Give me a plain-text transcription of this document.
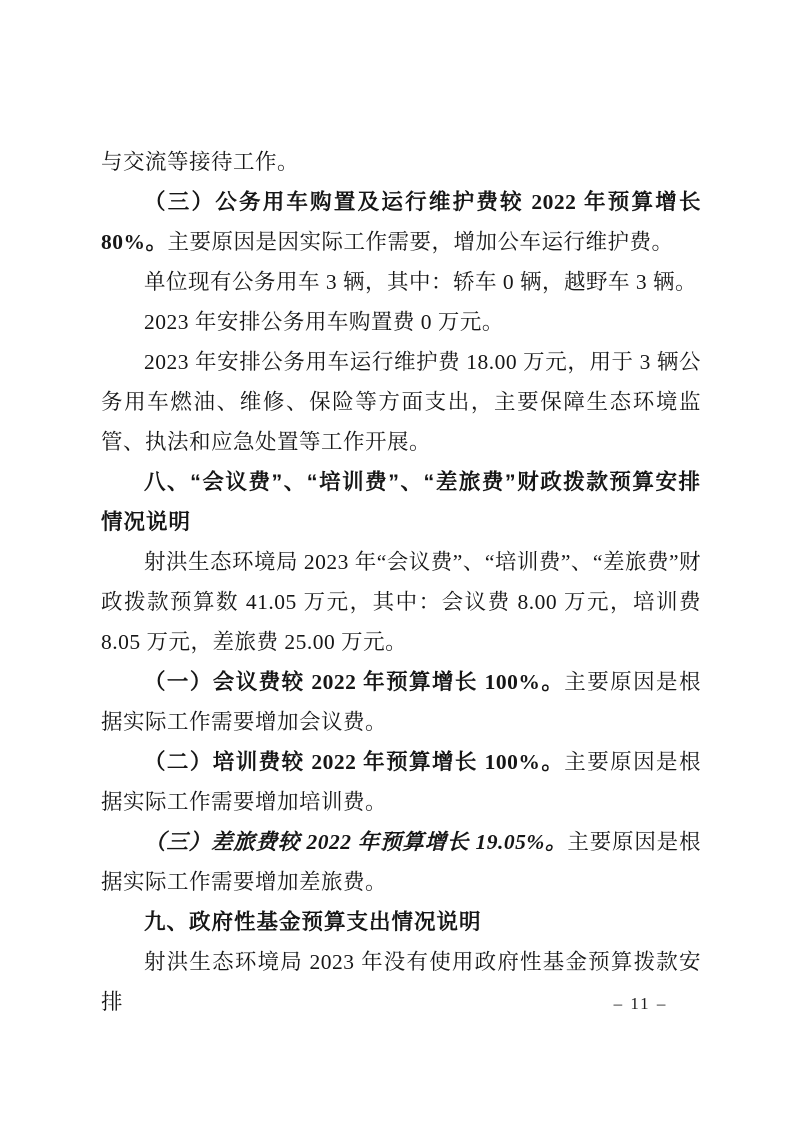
与交流等接待工作。

（三）公务用车购置及运行维护费较 2022 年预算增长 80%。主要原因是因实际工作需要，增加公车运行维护费。

单位现有公务用车 3 辆，其中：轿车 0 辆，越野车 3 辆。

2023 年安排公务用车购置费 0 万元。

2023 年安排公务用车运行维护费 18.00 万元，用于 3 辆公务用车燃油、维修、保险等方面支出，主要保障生态环境监管、执法和应急处置等工作开展。

八、“会议费”、“培训费”、“差旅费”财政拨款预算安排情况说明

射洪生态环境局 2023 年“会议费”、“培训费”、“差旅费”财政拨款预算数 41.05 万元，其中：会议费 8.00 万元，培训费 8.05 万元，差旅费 25.00 万元。

（一）会议费较 2022 年预算增长 100%。主要原因是根据实际工作需要增加会议费。

（二）培训费较 2022 年预算增长 100%。主要原因是根据实际工作需要增加培训费。

（三）差旅费较 2022 年预算增长 19.05%。主要原因是根据实际工作需要增加差旅费。

九、政府性基金预算支出情况说明

射洪生态环境局 2023 年没有使用政府性基金预算拨款安排	– 11 –
